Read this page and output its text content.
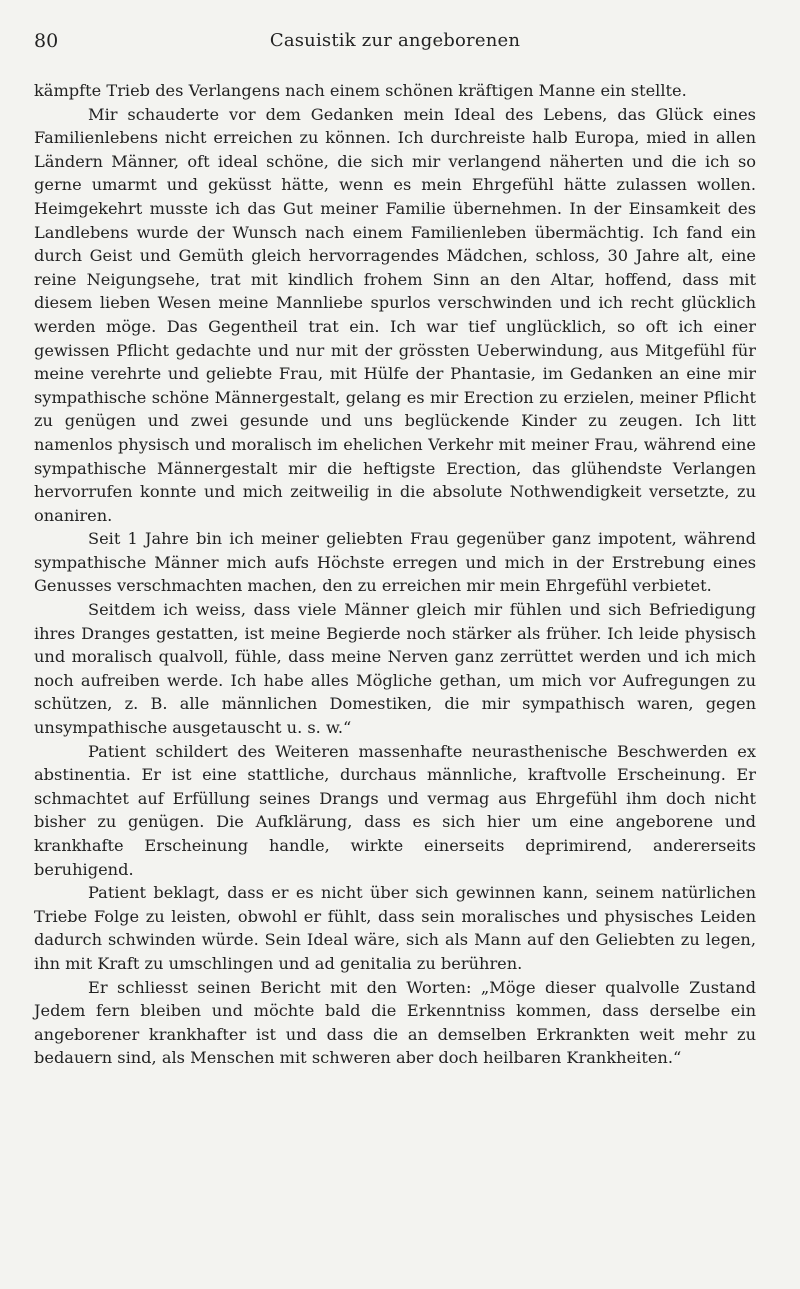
80	Casuistik zur angeborenen

kämpfte Trieb des Verlangens nach einem schönen kräftigen Manne ein stellte.

Mir schauderte vor dem Gedanken mein Ideal des Lebens, das Glück eines Familienlebens nicht erreichen zu können. Ich durchreiste halb Europa, mied in allen Ländern Männer, oft ideal schöne, die sich mir verlangend näherten und die ich so gerne umarmt und geküsst hätte, wenn es mein Ehrgefühl hätte zulassen wollen. Heimgekehrt musste ich das Gut meiner Familie übernehmen. In der Einsamkeit des Landlebens wurde der Wunsch nach einem Familienleben übermächtig. Ich fand ein durch Geist und Gemüth gleich hervorragendes Mädchen, schloss, 30 Jahre alt, eine reine Neigungsehe, trat mit kindlich frohem Sinn an den Altar, hoffend, dass mit diesem lieben Wesen meine Mannliebe spurlos verschwinden und ich recht glücklich werden möge. Das Gegentheil trat ein. Ich war tief unglücklich, so oft ich einer gewissen Pflicht gedachte und nur mit der grössten Ueberwindung, aus Mitgefühl für meine verehrte und geliebte Frau, mit Hülfe der Phantasie, im Gedanken an eine mir sympathische schöne Männergestalt, gelang es mir Erection zu erzielen, meiner Pflicht zu genügen und zwei gesunde und uns beglückende Kinder zu zeugen. Ich litt namenlos physisch und moralisch im ehelichen Verkehr mit meiner Frau, während eine sympathische Männergestalt mir die heftigste Erection, das glühendste Verlangen hervorrufen konnte und mich zeitweilig in die absolute Nothwendigkeit versetzte, zu onaniren.

Seit 1 Jahre bin ich meiner geliebten Frau gegenüber ganz impotent, während sympathische Männer mich aufs Höchste erregen und mich in der Erstrebung eines Genusses verschmachten machen, den zu erreichen mir mein Ehrgefühl verbietet.

Seitdem ich weiss, dass viele Männer gleich mir fühlen und sich Befriedigung ihres Dranges gestatten, ist meine Begierde noch stärker als früher. Ich leide physisch und moralisch qualvoll, fühle, dass meine Nerven ganz zerrüttet werden und ich mich noch aufreiben werde. Ich habe alles Mögliche gethan, um mich vor Aufregungen zu schützen, z. B. alle männlichen Domestiken, die mir sympathisch waren, gegen unsympathische ausgetauscht u. s. w.“

Patient schildert des Weiteren massenhafte neurasthenische Beschwerden ex abstinentia. Er ist eine stattliche, durchaus männliche, kraftvolle Erscheinung. Er schmachtet auf Erfüllung seines Drangs und vermag aus Ehrgefühl ihm doch nicht bisher zu genügen. Die Aufklärung, dass es sich hier um eine angeborene und krankhafte Erscheinung handle, wirkte einerseits deprimirend, andererseits beruhigend.

Patient beklagt, dass er es nicht über sich gewinnen kann, seinem natürlichen Triebe Folge zu leisten, obwohl er fühlt, dass sein moralisches und physisches Leiden dadurch schwinden würde. Sein Ideal wäre, sich als Mann auf den Geliebten zu legen, ihn mit Kraft zu umschlingen und ad genitalia zu berühren.

Er schliesst seinen Bericht mit den Worten: „Möge dieser qualvolle Zustand Jedem fern bleiben und möchte bald die Erkenntniss kommen, dass derselbe ein angeborener krankhafter ist und dass die an demselben Erkrankten weit mehr zu bedauern sind, als Menschen mit schweren aber doch heilbaren Krankheiten.“
